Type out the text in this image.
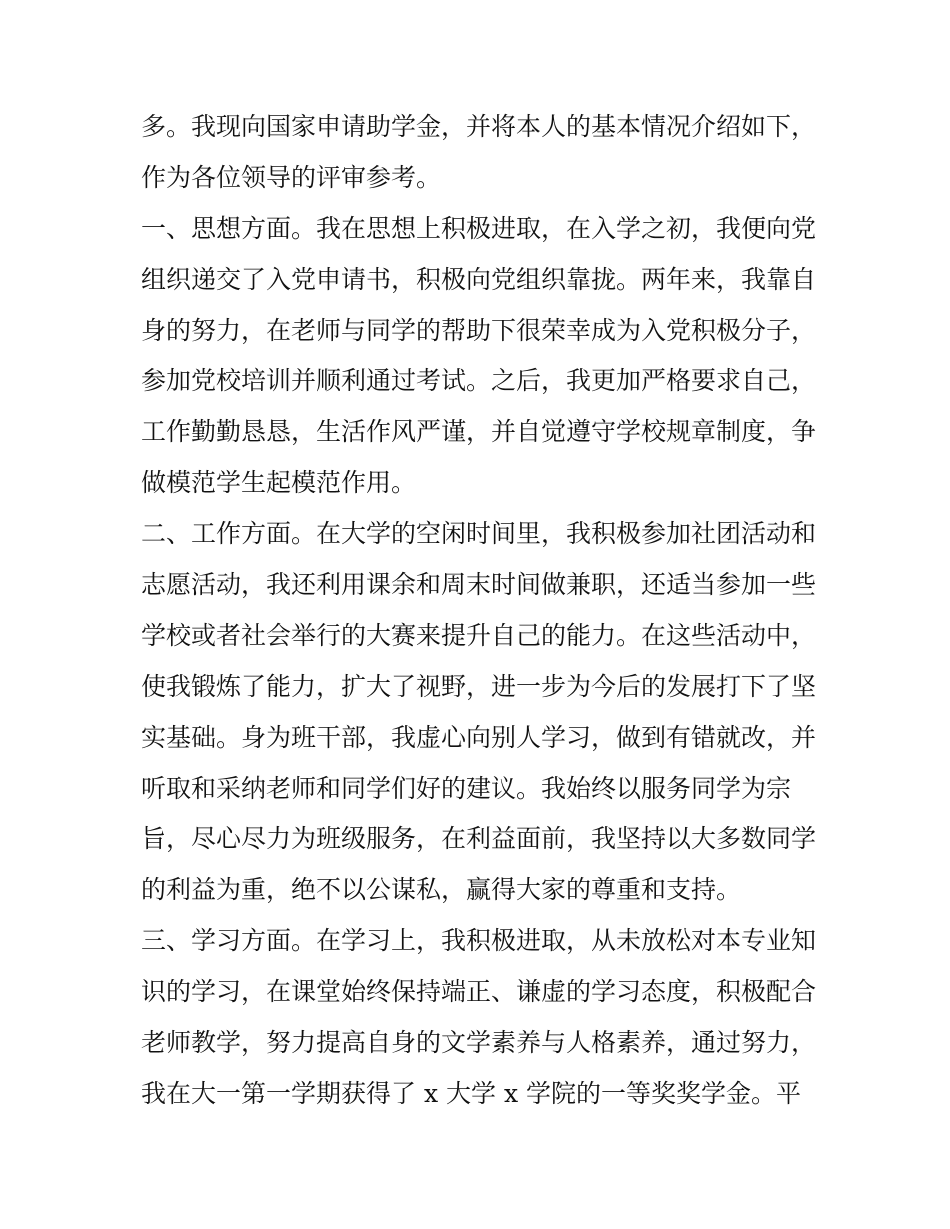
多。我现向国家申请助学金，并将本人的基本情况介绍如下，
作为各位领导的评审参考。
一、思想方面。我在思想上积极进取，在入学之初，我便向党
组织递交了入党申请书，积极向党组织靠拢。两年来，我靠自
身的努力，在老师与同学的帮助下很荣幸成为入党积极分子，
参加党校培训并顺利通过考试。之后，我更加严格要求自己，
工作勤勤恳恳，生活作风严谨，并自觉遵守学校规章制度，争
做模范学生起模范作用。
二、工作方面。在大学的空闲时间里，我积极参加社团活动和
志愿活动，我还利用课余和周末时间做兼职，还适当参加一些
学校或者社会举行的大赛来提升自己的能力。在这些活动中，
使我锻炼了能力，扩大了视野，进一步为今后的发展打下了坚
实基础。身为班干部，我虚心向别人学习，做到有错就改，并
听取和采纳老师和同学们好的建议。我始终以服务同学为宗
旨，尽心尽力为班级服务，在利益面前，我坚持以大多数同学
的利益为重，绝不以公谋私，赢得大家的尊重和支持。
三、学习方面。在学习上，我积极进取，从未放松对本专业知
识的学习，在课堂始终保持端正、谦虚的学习态度，积极配合
老师教学，努力提高自身的文学素养与人格素养，通过努力，
我在大一第一学期获得了 x 大学 x 学院的一等奖奖学金。平
